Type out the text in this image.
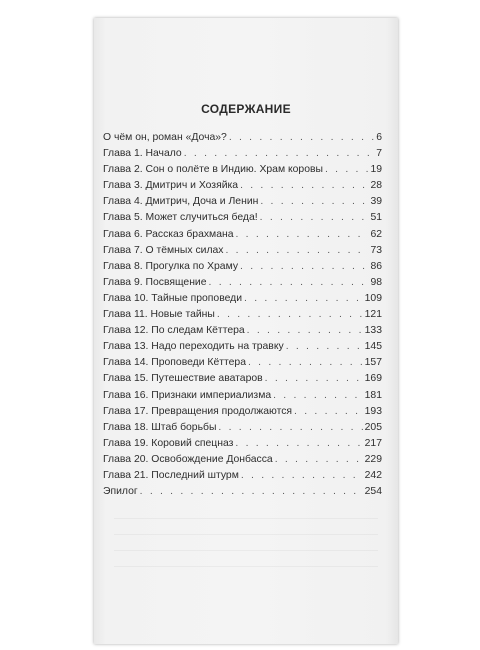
СОДЕРЖАНИЕ
О чём он, роман «Доча»? . . .	6
Глава 1. Начало . . .	7
Глава 2. Сон о полёте в Индию. Храм коровы . . .	19
Глава 3. Дмитрич и Хозяйка . . .	28
Глава 4. Дмитрич, Доча и Ленин . . .	39
Глава 5. Может случиться беда! . . .	51
Глава 6. Рассказ брахмана . . .	62
Глава 7. О тёмных силах . . .	73
Глава 8. Прогулка по Храму . . .	86
Глава 9. Посвящение . . .	98
Глава 10. Тайные проповеди . . .	109
Глава 11. Новые тайны . . .	121
Глава 12. По следам Кёттера . . .	133
Глава 13. Надо переходить на травку . . .	145
Глава 14. Проповеди Кёттера . . .	157
Глава 15. Путешествие аватаров . . .	169
Глава 16. Признаки империализма . . .	181
Глава 17. Превращения продолжаются . . .	193
Глава 18. Штаб борьбы . . .	205
Глава 19. Коровий спецназ . . .	217
Глава 20. Освобождение Донбасса . . .	229
Глава 21. Последний штурм . . .	242
Эпилог . . .	254
